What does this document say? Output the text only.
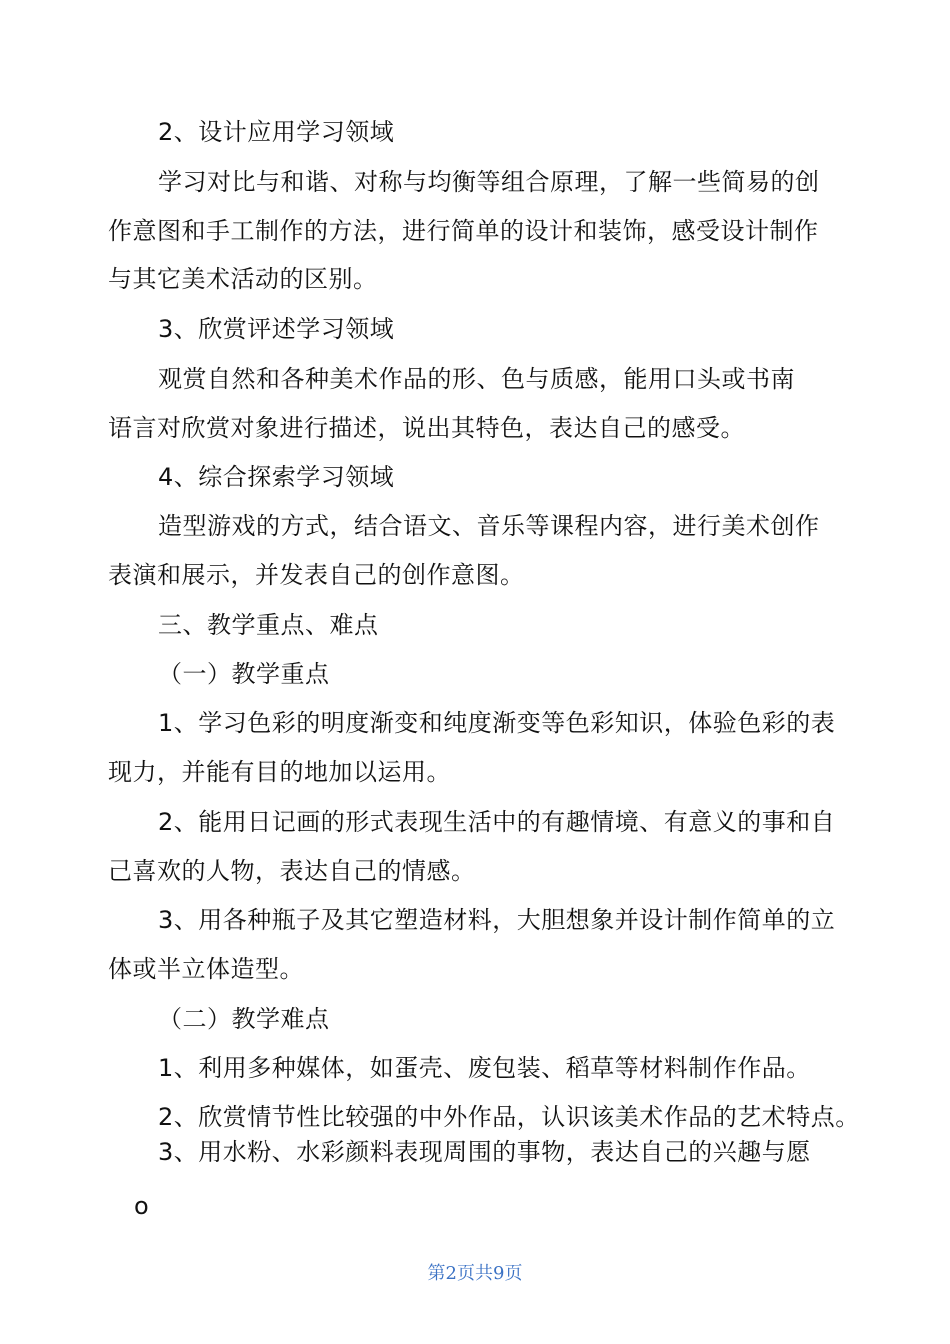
2、设计应用学习领域
学习对比与和谐、对称与均衡等组合原理，了解一些简易的创
作意图和手工制作的方法，进行简单的设计和装饰，感受设计制作
与其它美术活动的区别。
3、欣赏评述学习领域
观赏自然和各种美术作品的形、色与质感，能用口头或书南
语言对欣赏对象进行描述，说出其特色，表达自己的感受。
4、综合探索学习领域
造型游戏的方式，结合语文、音乐等课程内容，进行美术创作
表演和展示，并发表自己的创作意图。
三、教学重点、难点
（一）教学重点
1、学习色彩的明度渐变和纯度渐变等色彩知识，体验色彩的表
现力，并能有目的地加以运用。
2、能用日记画的形式表现生活中的有趣情境、有意义的事和自
己喜欢的人物，表达自己的情感。
3、用各种瓶子及其它塑造材料，大胆想象并设计制作简单的立
体或半立体造型。
（二）教学难点
1、利用多种媒体，如蛋壳、废包装、稻草等材料制作作品。
2、欣赏情节性比较强的中外作品，认识该美术作品的艺术特点。
3、用水粉、水彩颜料表现周围的事物，表达自己的兴趣与愿
o
第2页共9页
